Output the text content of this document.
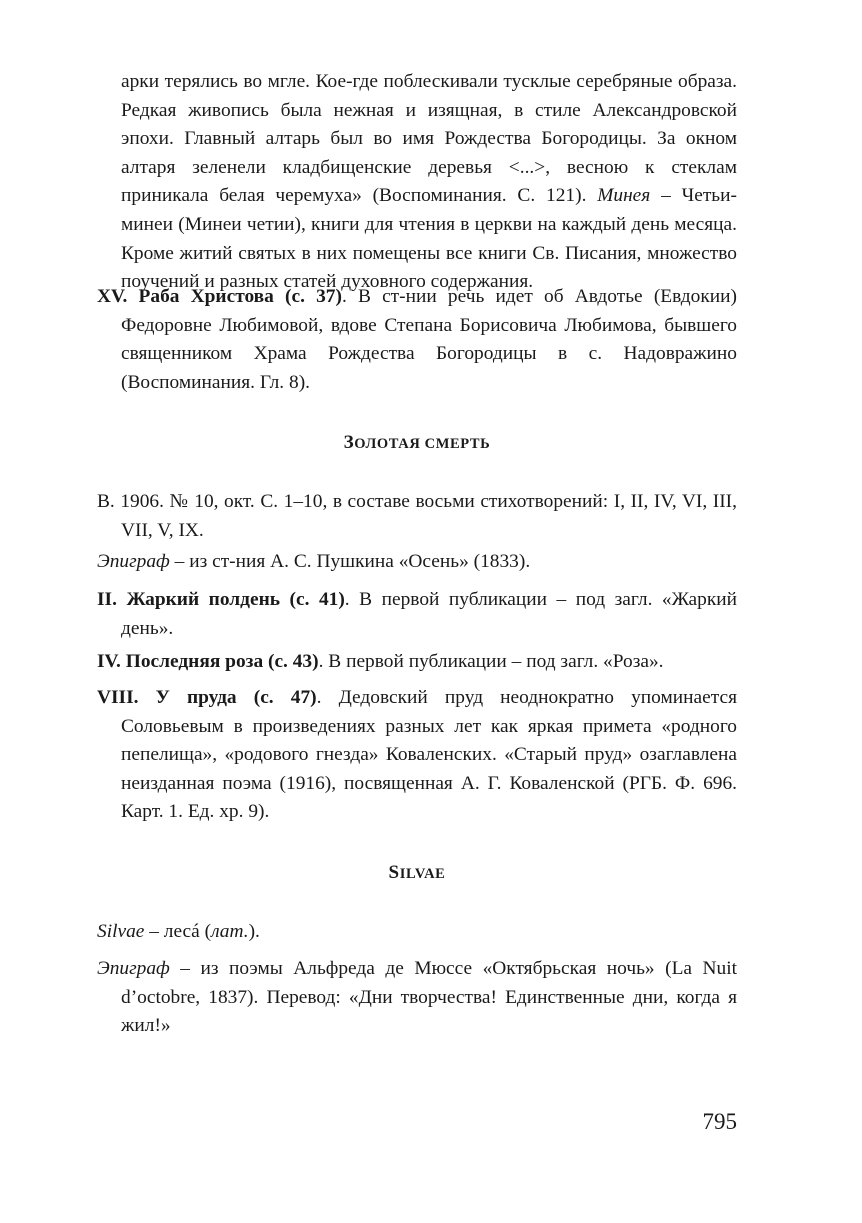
арки терялись во мгле. Кое-где поблескивали тусклые серебряные образа. Редкая живопись была нежная и изящная, в стиле Александровской эпохи. Главный алтарь был во имя Рождества Богородицы. За окном алтаря зеленели кладбищенские деревья <...>, весною к стеклам приникала белая черемуха» (Воспоминания. С. 121). Минея – Четьи-минеи (Минеи четии), книги для чтения в церкви на каждый день месяца. Кроме житий святых в них помещены все книги Св. Писания, множество поучений и разных статей духовного содержания.

XV. Раба Христова (с. 37). В ст-нии речь идет об Авдотье (Евдокии) Федоровне Любимовой, вдове Степана Борисовича Любимова, бывшего священником Храма Рождества Богородицы в с. Надовражино (Воспоминания. Гл. 8).

ЗОЛОТАЯ СМЕРТЬ

В. 1906. № 10, окт. С. 1–10, в составе восьми стихотворений: I, II, IV, VI, III, VII, V, IX.

Эпиграф – из ст-ния А. С. Пушкина «Осень» (1833).

II. Жаркий полдень (с. 41). В первой публикации – под загл. «Жаркий день».

IV. Последняя роза (с. 43). В первой публикации – под загл. «Роза».

VIII. У пруда (с. 47). Дедовский пруд неоднократно упоминается Соловьевым в произведениях разных лет как яркая примета «родного пепелища», «родового гнезда» Коваленских. «Старый пруд» озаглавлена неизданная поэма (1916), посвященная А. Г. Коваленской (РГБ. Ф. 696. Карт. 1. Ед. хр. 9).

SILVAE

Silvae – лесá (лат.).

Эпиграф – из поэмы Альфреда де Мюссе «Октябрьская ночь» (La Nuit d’octobre, 1837). Перевод: «Дни творчества! Единственные дни, когда я жил!»

795
